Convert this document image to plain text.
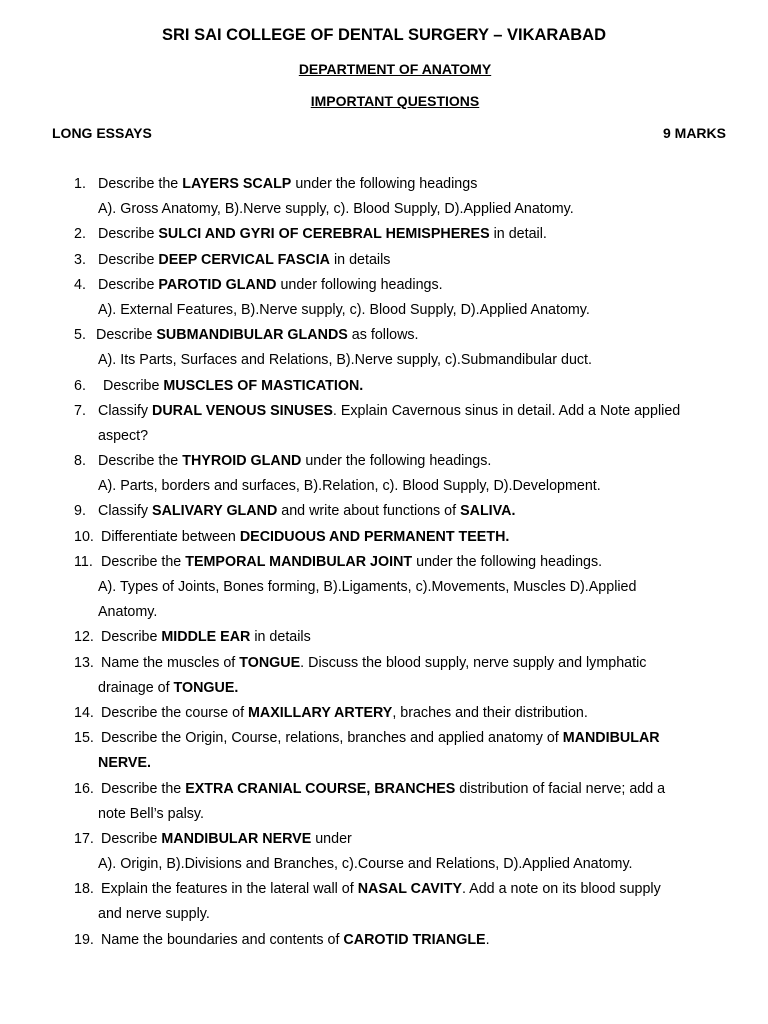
SRI SAI COLLEGE OF DENTAL SURGERY – VIKARABAD
DEPARTMENT OF ANATOMY
IMPORTANT QUESTIONS
LONG ESSAYS	9 MARKS
1. Describe the LAYERS SCALP under the following headings
A). Gross Anatomy, B).Nerve supply, c). Blood Supply, D).Applied Anatomy.
2. Describe SULCI AND GYRI OF CEREBRAL HEMISPHERES in detail.
3. Describe DEEP CERVICAL FASCIA in details
4. Describe PAROTID GLAND under following headings.
A). External Features, B).Nerve supply, c). Blood Supply, D).Applied Anatomy.
5. Describe SUBMANDIBULAR GLANDS as follows.
A). Its Parts, Surfaces and Relations, B).Nerve supply, c).Submandibular duct.
6. Describe MUSCLES OF MASTICATION.
7. Classify DURAL VENOUS SINUSES. Explain Cavernous sinus in detail. Add a Note applied
aspect?
8. Describe the THYROID GLAND under the following headings.
A). Parts, borders and surfaces, B).Relation, c). Blood Supply, D).Development.
9. Classify SALIVARY GLAND and write about functions of SALIVA.
10. Differentiate between DECIDUOUS AND PERMANENT TEETH.
11. Describe the TEMPORAL MANDIBULAR JOINT under the following headings.
A). Types of Joints, Bones forming, B).Ligaments, c).Movements, Muscles D).Applied
Anatomy.
12. Describe MIDDLE EAR in details
13. Name the muscles of TONGUE. Discuss the blood supply, nerve supply and lymphatic
drainage of TONGUE.
14. Describe the course of MAXILLARY ARTERY, braches and their distribution.
15. Describe the Origin, Course, relations, branches and applied anatomy of MANDIBULAR
NERVE.
16. Describe the EXTRA CRANIAL COURSE, BRANCHES distribution of facial nerve; add a
note Bell’s palsy.
17. Describe MANDIBULAR NERVE under
A). Origin, B).Divisions and Branches, c).Course and Relations, D).Applied Anatomy.
18. Explain the features in the lateral wall of NASAL CAVITY. Add a note on its blood supply
and nerve supply.
19. Name the boundaries and contents of CAROTID TRIANGLE.
